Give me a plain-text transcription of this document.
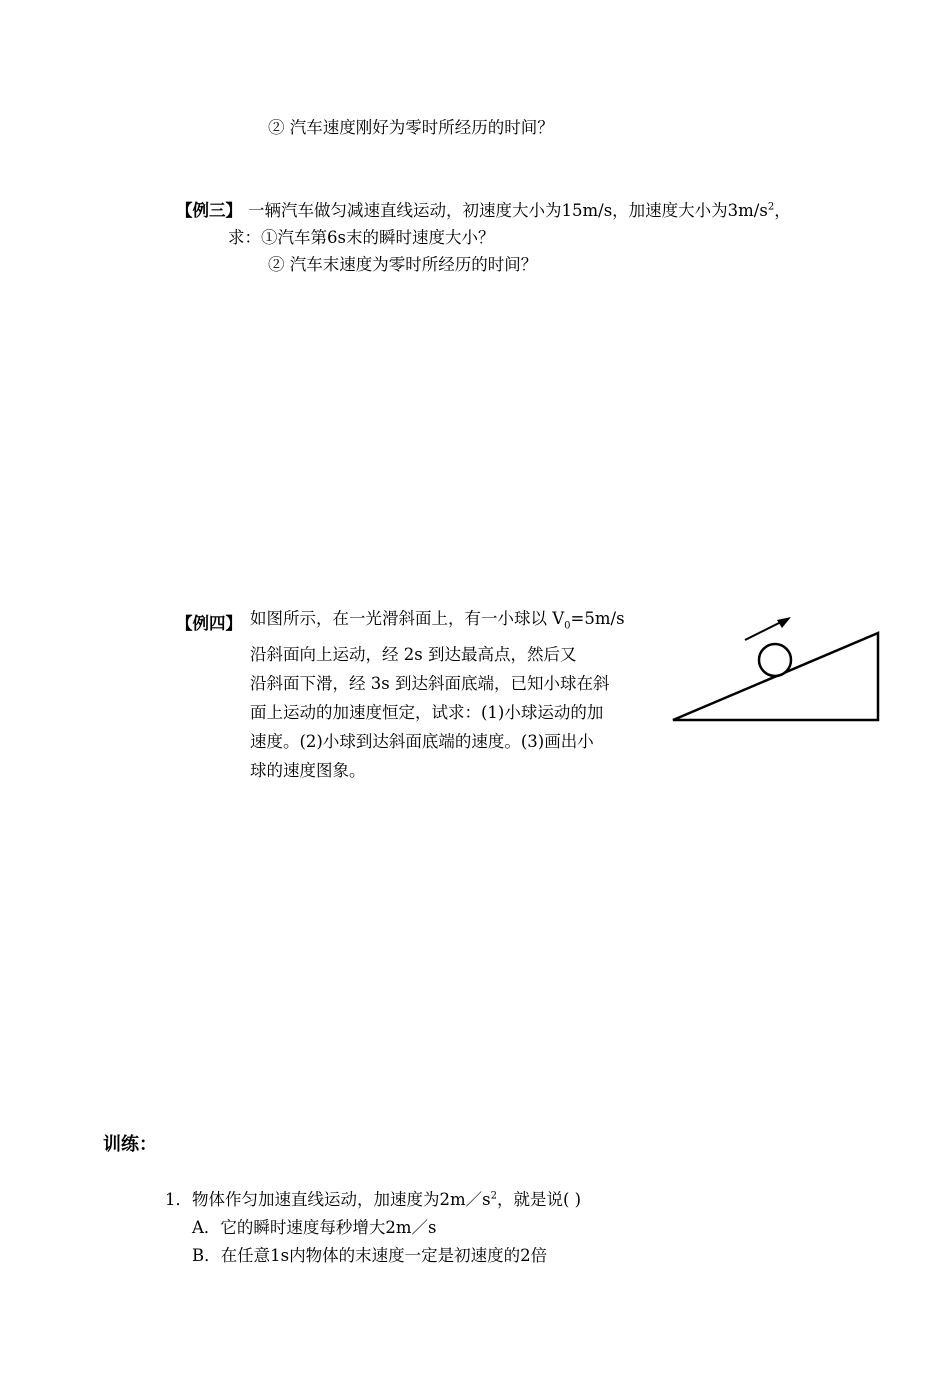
② 汽车速度刚好为零时所经历的时间？
【例三】 一辆汽车做匀减速直线运动，初速度大小为15m/s，加速度大小为$3m/s^2$，
求：①汽车第6s末的瞬时速度大小？
② 汽车末速度为零时所经历的时间？
【例四】 如图所示，在一光滑斜面上，有一小球以 $V_0=5m/s$
沿斜面向上运动，经 2s 到达最高点，然后又
沿斜面下滑，经 3s 到达斜面底端，已知小球在斜
面上运动的加速度恒定，试求：(1)小球运动的加
速度。(2)小球到达斜面底端的速度。(3)画出小
球的速度图象。
训练：
1．物体作匀加速直线运动，加速度为$2m/s^2$，就是说( )
A．它的瞬时速度每秒增大2m／s
B．在任意1s内物体的末速度一定是初速度的2倍
